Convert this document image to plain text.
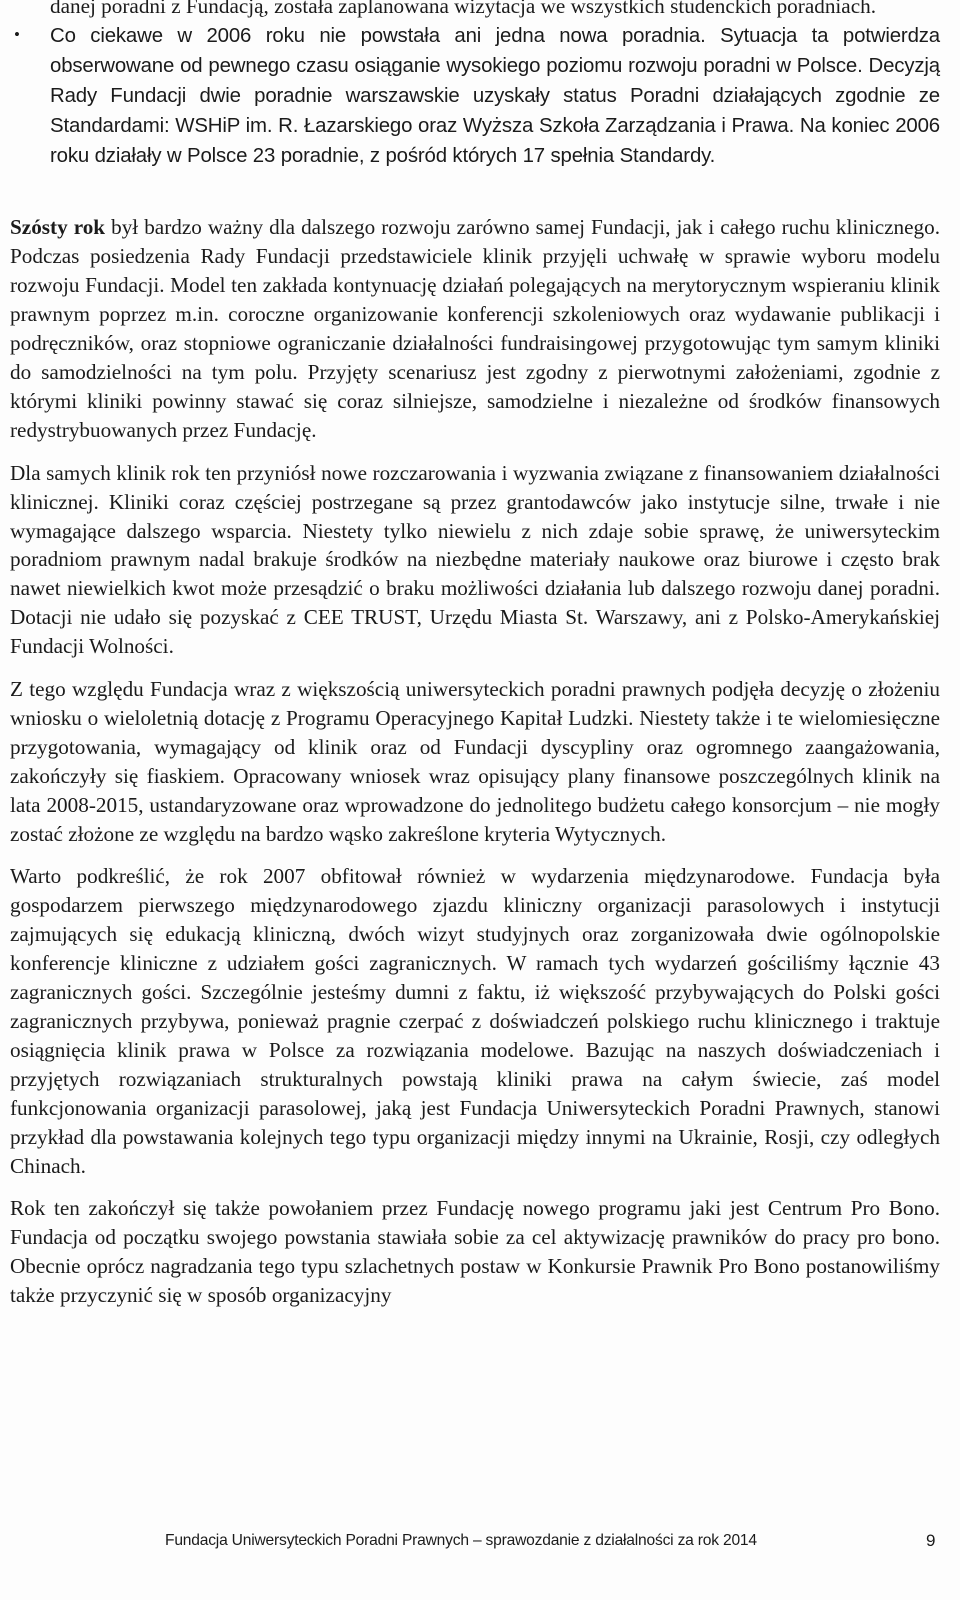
danej poradni z Fundacją, została zaplanowana wizytacja we wszystkich studenckich poradniach.

• Co ciekawe w 2006 roku nie powstała ani jedna nowa poradnia. Sytuacja ta potwierdza obserwowane od pewnego czasu osiąganie wysokiego poziomu rozwoju poradni w Polsce. Decyzją Rady Fundacji dwie poradnie warszawskie uzyskały status Poradni działających zgodnie ze Standardami: WSHiP im. R. Łazarskiego oraz Wyższa Szkoła Zarządzania i Prawa. Na koniec 2006 roku działały w Polsce 23 poradnie, z pośród których 17 spełnia Standardy.

Szósty rok był bardzo ważny dla dalszego rozwoju zarówno samej Fundacji, jak i całego ruchu klinicznego. Podczas posiedzenia Rady Fundacji przedstawiciele klinik przyjęli uchwałę w sprawie wyboru modelu rozwoju Fundacji. Model ten zakłada kontynuację działań polegających na merytorycznym wspieraniu klinik prawnym poprzez m.in. coroczne organizowanie konferencji szkoleniowych oraz wydawanie publikacji i podręczników, oraz stopniowe ograniczanie działalności fundraisingowej przygotowując tym samym kliniki do samodzielności na tym polu. Przyjęty scenariusz jest zgodny z pierwotnymi założeniami, zgodnie z którymi kliniki powinny stawać się coraz silniejsze, samodzielne i niezależne od środków finansowych redystrybuowanych przez Fundację.

Dla samych klinik rok ten przyniósł nowe rozczarowania i wyzwania związane z finansowaniem działalności klinicznej. Kliniki coraz częściej postrzegane są przez grantodawców jako instytucje silne, trwałe i nie wymagające dalszego wsparcia. Niestety tylko niewielu z nich zdaje sobie sprawę, że uniwersyteckim poradniom prawnym nadal brakuje środków na niezbędne materiały naukowe oraz biurowe i często brak nawet niewielkich kwot może przesądzić o braku możliwości działania lub dalszego rozwoju danej poradni. Dotacji nie udało się pozyskać z CEE TRUST, Urzędu Miasta St. Warszawy, ani z Polsko-Amerykańskiej Fundacji Wolności.

Z tego względu Fundacja wraz z większością uniwersyteckich poradni prawnych podjęła decyzję o złożeniu wniosku o wieloletnią dotację z Programu Operacyjnego Kapitał Ludzki. Niestety także i te wielomiesięczne przygotowania, wymagający od klinik oraz od Fundacji dyscypliny oraz ogromnego zaangażowania, zakończyły się fiaskiem. Opracowany wniosek wraz opisujący plany finansowe poszczególnych klinik na lata 2008-2015, ustandaryzowane oraz wprowadzone do jednolitego budżetu całego konsorcjum – nie mogły zostać złożone ze względu na bardzo wąsko zakreślone kryteria Wytycznych.

Warto podkreślić, że rok 2007 obfitował również w wydarzenia międzynarodowe. Fundacja była gospodarzem pierwszego międzynarodowego zjazdu kliniczny organizacji parasolowych i instytucji zajmujących się edukacją kliniczną, dwóch wizyt studyjnych oraz zorganizowała dwie ogólnopolskie konferencje kliniczne z udziałem gości zagranicznych. W ramach tych wydarzeń gościliśmy łącznie 43 zagranicznych gości. Szczególnie jesteśmy dumni z faktu, iż większość przybywających do Polski gości zagranicznych przybywa, ponieważ pragnie czerpać z doświadczeń polskiego ruchu klinicznego i traktuje osiągnięcia klinik prawa w Polsce za rozwiązania modelowe. Bazując na naszych doświadczeniach i przyjętych rozwiązaniach strukturalnych powstają kliniki prawa na całym świecie, zaś model funkcjonowania organizacji parasolowej, jaką jest Fundacja Uniwersyteckich Poradni Prawnych, stanowi przykład dla powstawania kolejnych tego typu organizacji między innymi na Ukrainie, Rosji, czy odległych Chinach.

Rok ten zakończył się także powołaniem przez Fundację nowego programu jaki jest Centrum Pro Bono. Fundacja od początku swojego powstania stawiała sobie za cel aktywizację prawników do pracy pro bono. Obecnie oprócz nagradzania tego typu szlachetnych postaw w Konkursie Prawnik Pro Bono postanowiliśmy także przyczynić się w sposób organizacyjny

Fundacja Uniwersyteckich Poradni Prawnych – sprawozdanie z działalności za rok 2014	9
